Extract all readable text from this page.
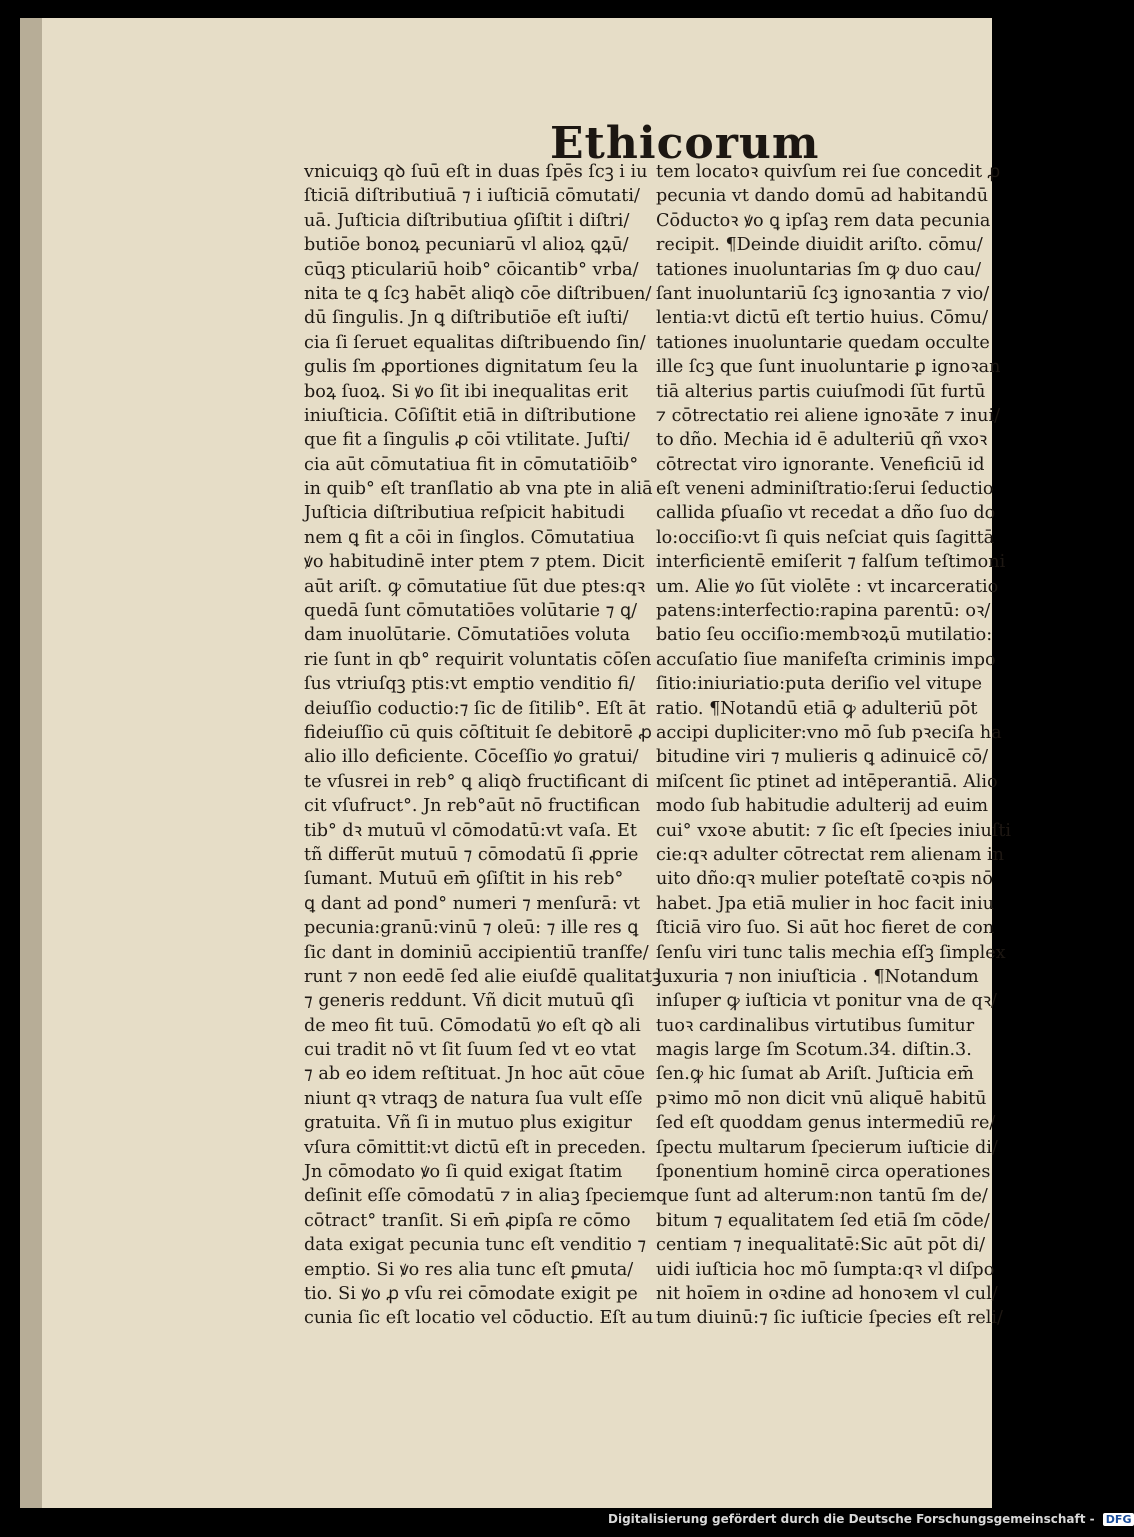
Ethicorum
vnicuiqꝫ qꝺ ſuū eſt in duas ſpēs ſcꝫ i iu
ſticiā diſtributiuā ⁊ i iuſticiā cōmutati/
uā. Juſticia diſtributiua ꝯſiſtit i diſtri/
butiōe bonoꝝ pecuniarū vl alioꝝ ꝗꝝū/
cūqꝫ pticulariū hoib° cōicantib° vrba/
nita te ꝗ ſcꝫ habēt aliqꝺ cōe diſtribuen/
dū ſingulis. Jn ꝗ diſtributiōe eſt iuſti/
cia ſi ſeruet equalitas diſtribuendo ſin/
gulis ſm ꝓportiones dignitatum ſeu la
boꝝ ſuoꝝ. Si ꝟo ſit ibi inequalitas erit
iniuſticia. Cōſiſtit etiā in diſtributione
que fit a ſingulis ꝓ cōi vtilitate. Juſti/
cia aūt cōmutatiua fit in cōmutatiōib°
in quib° eſt tranſlatio ab vna pte in aliā
Juſticia diſtributiua reſpicit habitudi
nem ꝗ fit a cōi in ſinglos. Cōmutatiua
ꝟo habitudinē inter ptem ⁊ ptem. Dicit
aūt ariſt. ꝙ cōmutatiue ſūt due ptes:qꝛ
quedā ſunt cōmutatiōes volūtarie ⁊ ꝗ/
dam inuolūtarie. Cōmutatiōes voluta
rie ſunt in qb° requirit voluntatis cōſen
ſus vtriuſqꝫ ptis:vt emptio venditio fi/
deiuſſio coductio:⁊ ſic de ſitilib°. Eſt āt
fideiuſſio cū quis cōſtituit ſe debitorē ꝓ
alio illo deficiente. Cōceſſio ꝟo gratui/
te vſusrei in reb° ꝗ aliqꝺ fructificant di
cit vſufruct°. Jn reb°aūt nō fructifican
tib° dꝛ mutuū vl cōmodatū:vt vaſa. Et
tñ differūt mutuū ⁊ cōmodatū ſi ꝓprie
ſumant. Mutuū em̄ ꝯſiſtit in his reb°
ꝗ dant ad pond° numeri ⁊ menſurā: vt
pecunia:granū:vinū ⁊ oleū: ⁊ ille res ꝗ
ſic dant in dominiū accipientiū tranſfe/
runt ⁊ non eedē ſed alie eiuſdē qualitatꝫ
⁊ generis reddunt. Vñ dicit mutuū ꝗſi
de meo fit tuū. Cōmodatū ꝟo eſt qꝺ ali
cui tradit nō vt ſit ſuum ſed vt eo vtat
⁊ ab eo idem reſtituat. Jn hoc aūt cōue
niunt qꝛ vtraqꝫ de natura ſua vult eſſe
gratuita. Vñ ſi in mutuo plus exigitur
vſura cōmittit:vt dictū eſt in preceden.
Jn cōmodato ꝟo ſi quid exigat ſtatim
deſinit eſſe cōmodatū ⁊ in aliaꝫ ſpeciem
cōtract° tranſit. Si em̄ ꝓipſa re cōmo
data exigat pecunia tunc eſt venditio ⁊
emptio. Si ꝟo res alia tunc eſt ꝑmuta/
tio. Si ꝟo ꝓ vſu rei cōmodate exigit pe
cunia ſic eſt locatio vel cōductio. Eſt au
tem locatoꝛ quivſum rei ſue concedit ꝓ
pecunia vt dando domū ad habitandū
Cōductoꝛ ꝟo ꝗ ipſaꝫ rem data pecunia
recipit. ¶Deinde diuidit ariſto. cōmu/
tationes inuoluntarias ſm ꝙ duo cau/
ſant inuoluntariū ſcꝫ ignoꝛantia ⁊ vio/
lentia:vt dictū eſt tertio huius. Cōmu/
tationes inuoluntarie quedam occulte
ille ſcꝫ que ſunt inuoluntarie ꝑ ignoꝛan
tiā alterius partis cuiuſmodi ſūt furtū
⁊ cōtrectatio rei aliene ignoꝛāte ⁊ inui/
to dño. Mechia id ē adulteriū qñ vxoꝛ
cōtrectat viro ignorante. Veneficiū id
eſt veneni adminiſtratio:ſerui ſeductio
callida ꝑſuaſio vt recedat a dño ſuo do
lo:occiſio:vt ſi quis neſciat quis ſagittā
interficientē emiſerit ⁊ falſum teſtimoni
um. Alie ꝟo ſūt violēte : vt incarceratio
patens:interfectio:rapina parentū: oꝛ/
batio ſeu occiſio:membꝛoꝝū mutilatio:
accuſatio ſiue manifeſta criminis impo
ſitio:iniuriatio:puta deriſio vel vitupe
ratio. ¶Notandū etiā ꝙ adulteriū pōt
accipi dupliciter:vno mō ſub pꝛeciſa ha
bitudine viri ⁊ mulieris ꝗ adinuicē cō/
miſcent ſic ptinet ad intēperantiā. Alio
modo ſub habitudie adulterij ad euim
cui° vxoꝛe abutit: ⁊ ſic eſt ſpecies iniuſti
cie:qꝛ adulter cōtrectat rem alienam in
uito dño:qꝛ mulier poteſtatē coꝛpis nō
habet. Jpa etiā mulier in hoc facit iniu
ſticiā viro ſuo. Si aūt hoc fieret de con
ſenſu viri tunc talis mechia eſſꝫ ſimplex
luxuria ⁊ non iniuſticia . ¶Notandum
inſuper ꝙ iuſticia vt ponitur vna de qꝛ/
tuoꝛ cardinalibus virtutibus ſumitur
magis large ſm Scotum.34. diſtin.3.
ſen.ꝙ hic ſumat ab Ariſt. Juſticia em̄
pꝛimo mō non dicit vnū aliquē habitū
ſed eſt quoddam genus intermediū re/
ſpectu multarum ſpecierum iuſticie di/
ſponentium hominē circa operationes
que ſunt ad alterum:non tantū ſm de/
bitum ⁊ equalitatem ſed etiā ſm cōde/
centiam ⁊ inequalitatē:Sic aūt pōt di/
uidi iuſticia hoc mō ſumpta:qꝛ vl diſpo
nit hoīem in oꝛdine ad honoꝛem vl cul/
tum diuinū:⁊ ſic iuſticie ſpecies eſt reli/
Digitalisierung gefördert durch die Deutsche Forschungsgemeinschaft - DFG
